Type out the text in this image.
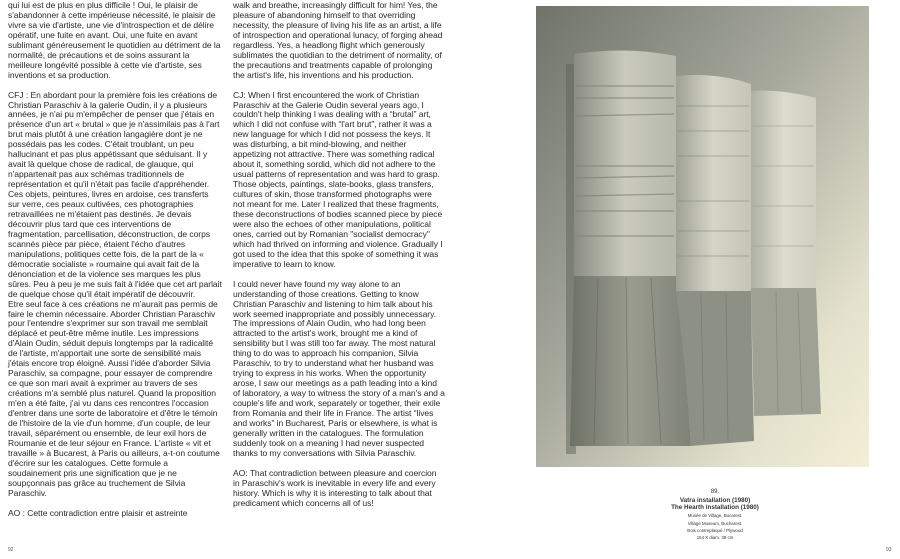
qui lui est de plus en plus difficile ! Oui, le plaisir de s'abandonner à cette impérieuse nécessité, le plaisir de vivre sa vie d'artiste, une vie d'introspection et de délire opératif, une fuite en avant. Oui, une fuite en avant sublimant généreusement le quotidien au détriment de la normalité, de précautions et de soins assurant la meilleure longévité possible à cette vie d'artiste, ses inventions et sa production.

CFJ : En abordant pour la première fois les créations de Christian Paraschiv à la galerie Oudin, il y a plusieurs années, je n'ai pu m'empêcher de penser que j'étais en présence d'un art « brutal » que je n'assimilais pas à l'art brut mais plutôt à une création langagière dont je ne possédais pas les codes. C'était troublant, un peu hallucinant et pas plus appétissant que séduisant. Il y avait là quelque chose de radical, de glauque, qui n'appartenait pas aux schémas traditionnels de représentation et qu'il n'était pas facile d'appréhender. Ces objets, peintures, livres en ardoise, ces transferts sur verre, ces peaux cultivées, ces photographies retravaillées ne m'étaient pas destinés. Je devais découvrir plus tard que ces interventions de fragmentation, parcellisation, déconstruction, de corps scannés pièce par pièce, étaient l'écho d'autres manipulations, politiques cette fois, de la part de la « démocratie socialiste » roumaine qui avait fait de la dénonciation et de la violence ses marques les plus sûres. Peu à peu je me suis fait à l'idée que cet art parlait de quelque chose qu'il était impératif de découvrir.

Etre seul face à ces créations ne m'aurait pas permis de faire le chemin nécessaire. Aborder Christian Paraschiv pour l'entendre s'exprimer sur son travail me semblait déplacé et peut-être même inutile. Les impressions d'Alain Oudin, séduit depuis longtemps par la radicalité de l'artiste, m'apportait une sorte de sensibilité mais j'étais encore trop éloigné. Aussi l'idée d'aborder Silvia Paraschiv, sa compagne, pour essayer de comprendre ce que son mari avait à exprimer au travers de ses créations m'a semblé plus naturel. Quand la proposition m'en a été faite, j'ai vu dans ces rencontres l'occasion d'entrer dans une sorte de laboratoire et d'être le témoin de l'histoire de la vie d'un homme, d'un couple, de leur travail, séparément ou ensemble, de leur exil hors de Roumanie et de leur séjour en France. L'artiste « vit et travaille » à Bucarest, à Paris ou ailleurs, a-t-on coutume d'écrire sur les catalogues. Cette formule a soudainement pris une signification que je ne soupçonnais pas grâce au truchement de Silvia Paraschiv.

AO : Cette contradiction entre plaisir et astreinte

walk and breathe, increasingly difficult for him! Yes, the pleasure of abandoning himself to that overriding necessity, the pleasure of living his life as an artist, a life of introspection and operational lunacy, of forging ahead regardless. Yes, a headlong flight which generously sublimates the quotidian to the detriment of normality, of the precautions and treatments capable of prolonging the artist's life, his inventions and his production.

CJ: When I first encountered the work of Christian Paraschiv at the Galerie Oudin several years ago, I couldn't help thinking I was dealing with a “brutal” art, which I did not confuse with “l'art brut”, rather it was a new language for which I did not possess the keys. It was disturbing, a bit mind-blowing, and neither appetizing not attractive. There was something radical about it, something sordid, which did not adhere to the usual patterns of representation and was hard to grasp. Those objects, paintings, slate-books, glass transfers, cultures of skin, those transformed photographs were not meant for me. Later I realized that these fragments, these deconstructions of bodies scanned piece by piece were also the echoes of other manipulations, political ones, carried out by Romanian "socialist democracy" which had thrived on informing and violence. Gradually I got used to the idea that this spoke of something it was imperative to learn to know.

I could never have found my way alone to an understanding of those creations. Getting to know Christian Paraschiv and listening to him talk about his work seemed inappropriate and possibly unnecessary. The impressions of Alain Oudin, who had long been attracted to the artist's work, brought me a kind of sensibility but I was still too far away. The most natural thing to do was to approach his companion, Silvia Paraschiv, to try to understand what her husband was trying to express in his works. When the opportunity arose, I saw our meetings as a path leading into a kind of laboratory, a way to witness the story of a man's and a couple's life and work, separately or together, their exile from Romania and their life in France. The artist “lives and works” in Bucharest, Paris or elsewhere, is what is generally written in the catalogues. The formulation suddenly took on a meaning I had never suspected thanks to my conversations with Silvia Paraschiv.

AO: That contradiction between pleasure and coercion in Paraschiv's work is inevitable in every life and every history. Which is why it is interesting to talk about that predicament which concerns all of us!

92
89.
Vatra installation (1980)
The Hearth installation (1980)
Musée de Village, Bucarest.
Village Museum, Bucharest.
Bois contreplaqué / Plywood
154 X diam. 39 cm
93
